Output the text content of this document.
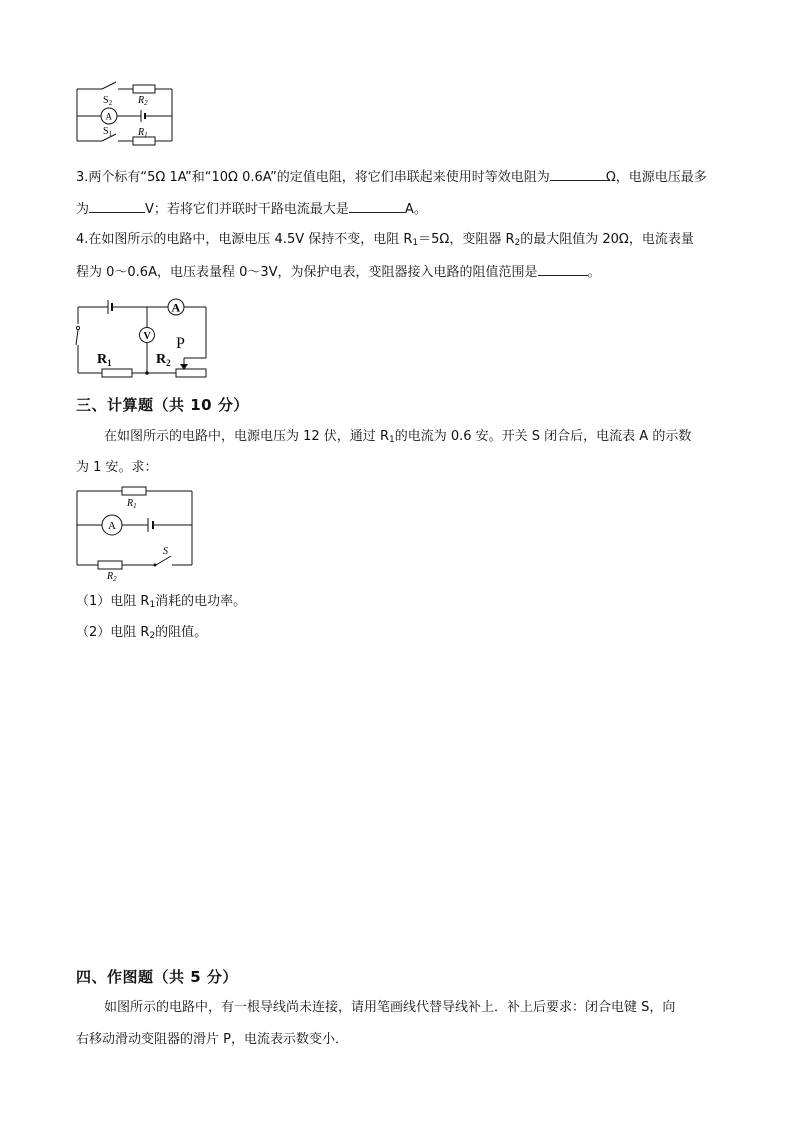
$S_2$	$R_2$
A
$S_1$	$R_1$
3.两个标有“5Ω 1A”和“10Ω 0.6A”的定值电阻，将它们串联起来使用时等效电阻为	Ω，电源电压最多
为	V；若将它们并联时干路电流最大是	A。
4.在如图所示的电路中，电源电压 4.5V 保持不变，电阻 $R_1=5\Omega$，变阻器 $R_2$的最大阻值为 20Ω，电流表量
程为 0～0.6A，电压表量程 0～3V，为保护电表，变阻器接入电路的阻值范围是	。
A
V P
$R_1$	$R_2$
三、计算题（共 10 分）
在如图所示的电路中，电源电压为 12 伏，通过 $R_1$的电流为 0.6 安。开关 S 闭合后，电流表 A 的示数
为 1 安。求：
$R_1$
A
S
$R_2$
（1）电阻 $R_1$消耗的电功率。
（2）电阻 $R_2$的阻值。
四、作图题（共 5 分）
如图所示的电路中，有一根导线尚未连接，请用笔画线代替导线补上．补上后要求：闭合电键 S，向
右移动滑动变阻器的滑片 P，电流表示数变小．
